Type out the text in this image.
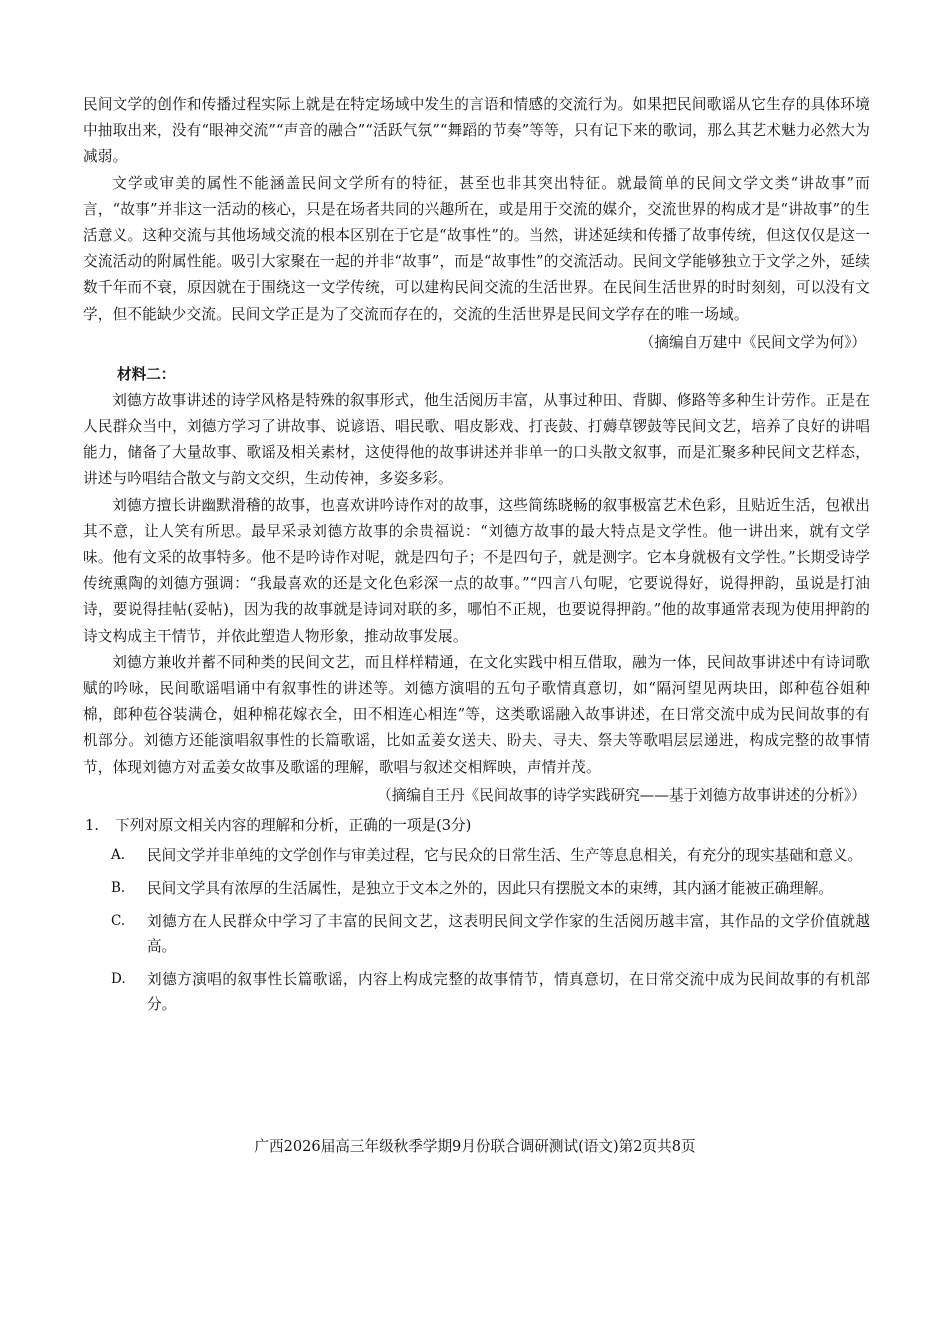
民间文学的创作和传播过程实际上就是在特定场域中发生的言语和情感的交流行为。如果把民间歌谣从它生存的具体环境中抽取出来，没有“眼神交流”“声音的融合”“活跃气氛”“舞蹈的节奏”等等，只有记下来的歌词，那么其艺术魅力必然大为减弱。

文学或审美的属性不能涵盖民间文学所有的特征，甚至也非其突出特征。就最简单的民间文学文类“讲故事”而言，“故事”并非这一活动的核心，只是在场者共同的兴趣所在，或是用于交流的媒介，交流世界的构成才是“讲故事”的生活意义。这种交流与其他场域交流的根本区别在于它是“故事性”的。当然，讲述延续和传播了故事传统，但这仅仅是这一交流活动的附属性能。吸引大家聚在一起的并非“故事”，而是“故事性”的交流活动。民间文学能够独立于文学之外，延续数千年而不衰，原因就在于围绕这一文学传统，可以建构民间交流的生活世界。在民间生活世界的时时刻刻，可以没有文学，但不能缺少交流。民间文学正是为了交流而存在的，交流的生活世界是民间文学存在的唯一场域。

（摘编自万建中《民间文学为何》）

材料二：

刘德方故事讲述的诗学风格是特殊的叙事形式，他生活阅历丰富，从事过种田、背脚、修路等多种生计劳作。正是在人民群众当中，刘德方学习了讲故事、说谚语、唱民歌、唱皮影戏、打丧鼓、打薅草锣鼓等民间文艺，培养了良好的讲唱能力，储备了大量故事、歌谣及相关素材，这使得他的故事讲述并非单一的口头散文叙事，而是汇聚多种民间文艺样态，讲述与吟唱结合散文与韵文交织，生动传神，多姿多彩。

刘德方擅长讲幽默滑稽的故事，也喜欢讲吟诗作对的故事，这些简练晓畅的叙事极富艺术色彩，且贴近生活，包袱出其不意，让人笑有所思。最早采录刘德方故事的余贵福说：“刘德方故事的最大特点是文学性。他一讲出来，就有文学味。他有文采的故事特多。他不是吟诗作对呢，就是四句子；不是四句子，就是测字。它本身就极有文学性。”长期受诗学传统熏陶的刘德方强调：“我最喜欢的还是文化色彩深一点的故事。”“四言八句呢，它要说得好，说得押韵，虽说是打油诗，要说得挂帖(妥帖)，因为我的故事就是诗词对联的多，哪怕不正规，也要说得押韵。”他的故事通常表现为使用押韵的诗文构成主干情节，并依此塑造人物形象，推动故事发展。

刘德方兼收并蓄不同种类的民间文艺，而且样样精通，在文化实践中相互借取，融为一体，民间故事讲述中有诗词歌赋的吟咏，民间歌谣唱诵中有叙事性的讲述等。刘德方演唱的五句子歌情真意切，如“隔河望见两块田，郎种苞谷姐种棉，郎种苞谷装满仓，姐种棉花嫁衣全，田不相连心相连”等，这类歌谣融入故事讲述，在日常交流中成为民间故事的有机部分。刘德方还能演唱叙事性的长篇歌谣，比如孟姜女送夫、盼夫、寻夫、祭夫等歌唱层层递进，构成完整的故事情节，体现刘德方对孟姜女故事及歌谣的理解，歌唱与叙述交相辉映，声情并茂。

（摘编自王丹《民间故事的诗学实践研究——基于刘德方故事讲述的分析》）

1.	下列对原文相关内容的理解和分析，正确的一项是(3分)
A.	民间文学并非单纯的文学创作与审美过程，它与民众的日常生活、生产等息息相关，有充分的现实基础和意义。
B.	民间文学具有浓厚的生活属性，是独立于文本之外的，因此只有摆脱文本的束缚，其内涵才能被正确理解。
C.	刘德方在人民群众中学习了丰富的民间文艺，这表明民间文学作家的生活阅历越丰富，其作品的文学价值就越高。
D.	刘德方演唱的叙事性长篇歌谣，内容上构成完整的故事情节，情真意切，在日常交流中成为民间故事的有机部分。

广西2026届高三年级秋季学期9月份联合调研测试(语文)第2页共8页
